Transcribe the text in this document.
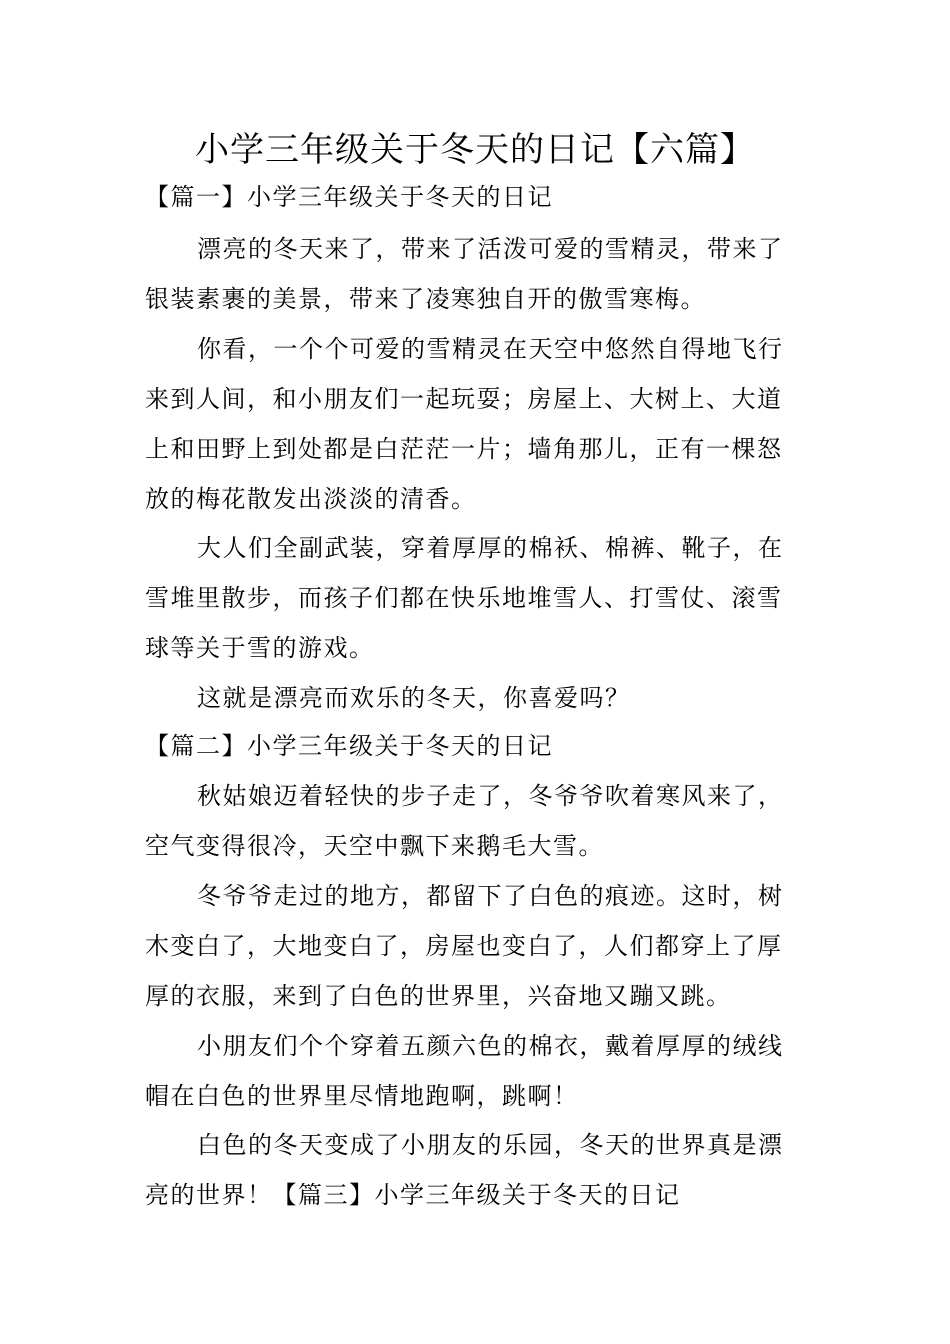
小学三年级关于冬天的日记【六篇】
【篇一】小学三年级关于冬天的日记
漂亮的冬天来了，带来了活泼可爱的雪精灵，带来了
银装素裹的美景，带来了凌寒独自开的傲雪寒梅。
你看，一个个可爱的雪精灵在天空中悠然自得地飞行
来到人间，和小朋友们一起玩耍；房屋上、大树上、大道
上和田野上到处都是白茫茫一片；墙角那儿，正有一棵怒
放的梅花散发出淡淡的清香。
大人们全副武装，穿着厚厚的棉袄、棉裤、靴子，在
雪堆里散步，而孩子们都在快乐地堆雪人、打雪仗、滚雪
球等关于雪的游戏。
这就是漂亮而欢乐的冬天，你喜爱吗？
【篇二】小学三年级关于冬天的日记
秋姑娘迈着轻快的步子走了，冬爷爷吹着寒风来了，
空气变得很冷，天空中飘下来鹅毛大雪。
冬爷爷走过的地方，都留下了白色的痕迹。这时，树
木变白了，大地变白了，房屋也变白了，人们都穿上了厚
厚的衣服，来到了白色的世界里，兴奋地又蹦又跳。
小朋友们个个穿着五颜六色的棉衣，戴着厚厚的绒线
帽在白色的世界里尽情地跑啊，跳啊！
白色的冬天变成了小朋友的乐园，冬天的世界真是漂
亮的世界！【篇三】小学三年级关于冬天的日记
